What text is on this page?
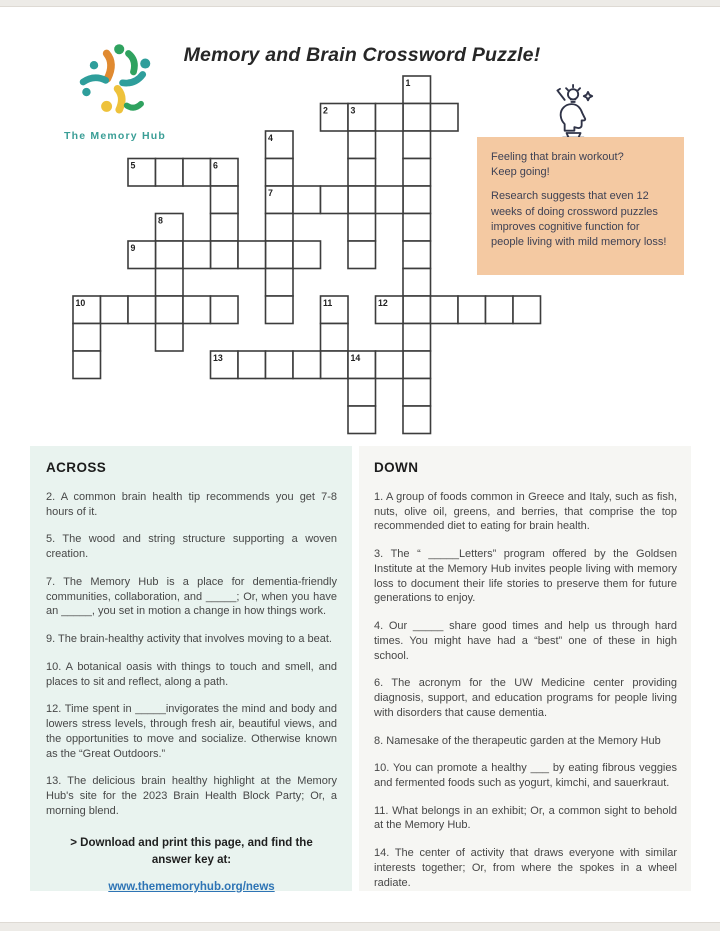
The Memory Hub
Memory and Brain Crossword Puzzle!
1
2	3
4
7
5	6
8
9
10	11	12
13	14
Feeling that brain workout?
Keep going!
Research suggests that even 12 weeks of doing crossword puzzles improves cognitive function for people living with mild memory loss!
ACROSS

2. A common brain health tip recommends you get 7-8 hours of it.

5. The wood and string structure supporting a woven creation.

7. The Memory Hub is a place for dementia-friendly communities, collaboration, and _____; Or, when you have an _____, you set in motion a change in how things work.

9. The brain-healthy activity that involves moving to a beat.

10. A botanical oasis with things to touch and smell, and places to sit and reflect, along a path.

12. Time spent in _____invigorates the mind and body and lowers stress levels, through fresh air, beautiful views, and the opportunities to move and socialize. Otherwise known as the “Great Outdoors.”

13. The delicious brain healthy highlight at the Memory Hub's site for the 2023 Brain Health Block Party; Or, a morning blend.

> Download and print this page, and find the answer key at:
www.thememoryhub.org/news
DOWN

1. A group of foods common in Greece and Italy, such as fish, nuts, olive oil, greens, and berries, that comprise the top recommended diet to eating for brain health.

3. The “ _____Letters” program offered by the Goldsen Institute at the Memory Hub invites people living with memory loss to document their life stories to preserve them for future generations to enjoy.

4. Our _____ share good times and help us through hard times. You might have had a “best” one of these in high school.

6. The acronym for the UW Medicine center providing diagnosis, support, and education programs for people living with disorders that cause dementia.

8. Namesake of the therapeutic garden at the Memory Hub

10. You can promote a healthy ___ by eating fibrous veggies and fermented foods such as yogurt, kimchi, and sauerkraut.

11. What belongs in an exhibit; Or, a common sight to behold at the Memory Hub.

14. The center of activity that draws everyone with similar interests together; Or, from where the spokes in a wheel radiate.
